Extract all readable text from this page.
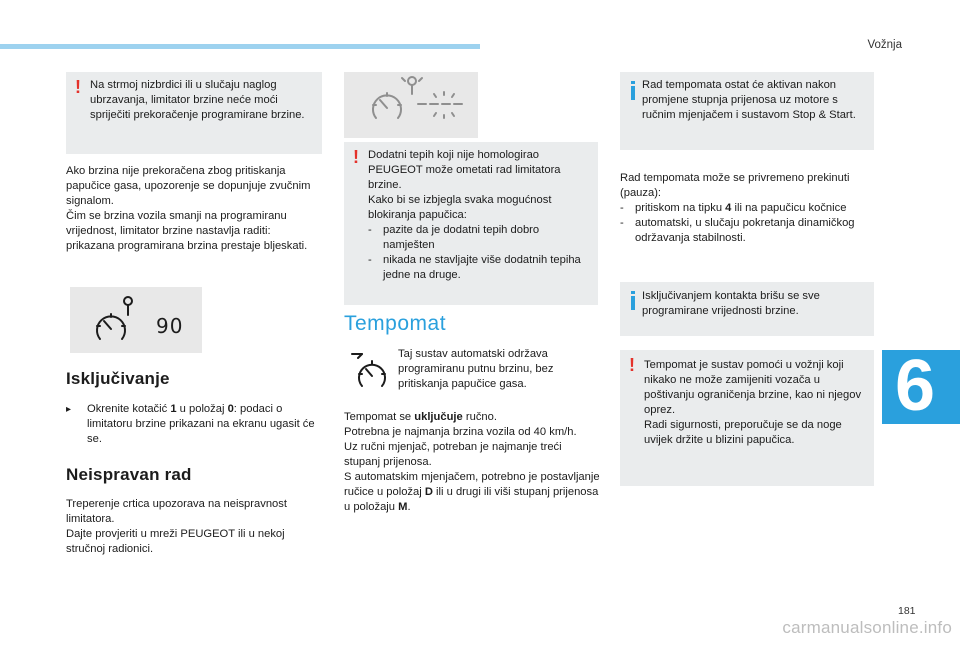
Vožnja
6
181
carmanualsonline.info
! Na strmoj nizbrdici ili u slučaju naglog ubrzavanja, limitator brzine neće moći spriječiti prekoračenje programirane brzine.

Ako brzina nije prekoračena zbog pritiskanja papučice gasa, upozorenje se dopunjuje zvučnim signalom.

Čim se brzina vozila smanji na programiranu vrijednost, limitator brzine nastavlja raditi: prikazana programirana brzina prestaje bljeskati.

90
Isključivanje
▸	Okrenite kotačić 1 u položaj 0: podaci o limitatoru brzine prikazani na ekranu ugasit će se.
Neispravan rad

Treperenje crtica upozorava na neispravnost limitatora.

Dajte provjeriti u mreži PEUGEOT ili u nekoj stručnoj radionici.

! Dodatni tepih koji nije homologirao PEUGEOT može ometati rad limitatora brzine.

Kako bi se izbjegla svaka mogućnost blokiranja papučica:

- pazite da je dodatni tepih dobro namješten
- nikada ne stavljajte više dodatnih tepiha jedne na druge.
Tempomat
Taj sustav automatski održava programiranu putnu brzinu, bez pritiskanja papučice gasa.

Tempomat se uključuje ručno.

Potrebna je najmanja brzina vozila od 40 km/h.

Uz ručni mjenjač, potreban je najmanje treći stupanj prijenosa.

S automatskim mjenjačem, potrebno je postavljanje ručice u položaj D ili u drugi ili viši stupanj prijenosa u položaju M.

Rad tempomata ostat će aktivan nakon promjene stupnja prijenosa uz motore s ručnim mjenjačem i sustavom Stop & Start.

Rad tempomata može se privremeno prekinuti (pauza):

- pritiskom na tipku 4 ili na papučicu kočnice
- automatski, u slučaju pokretanja dinamičkog održavanja stabilnosti.
Isključivanjem kontakta brišu se sve programirane vrijednosti brzine.
! Tempomat je sustav pomoći u vožnji koji nikako ne može zamijeniti vozača u poštivanju ograničenja brzine, kao ni njegov oprez.

Radi sigurnosti, preporučuje se da noge uvijek držite u blizini papučica.
